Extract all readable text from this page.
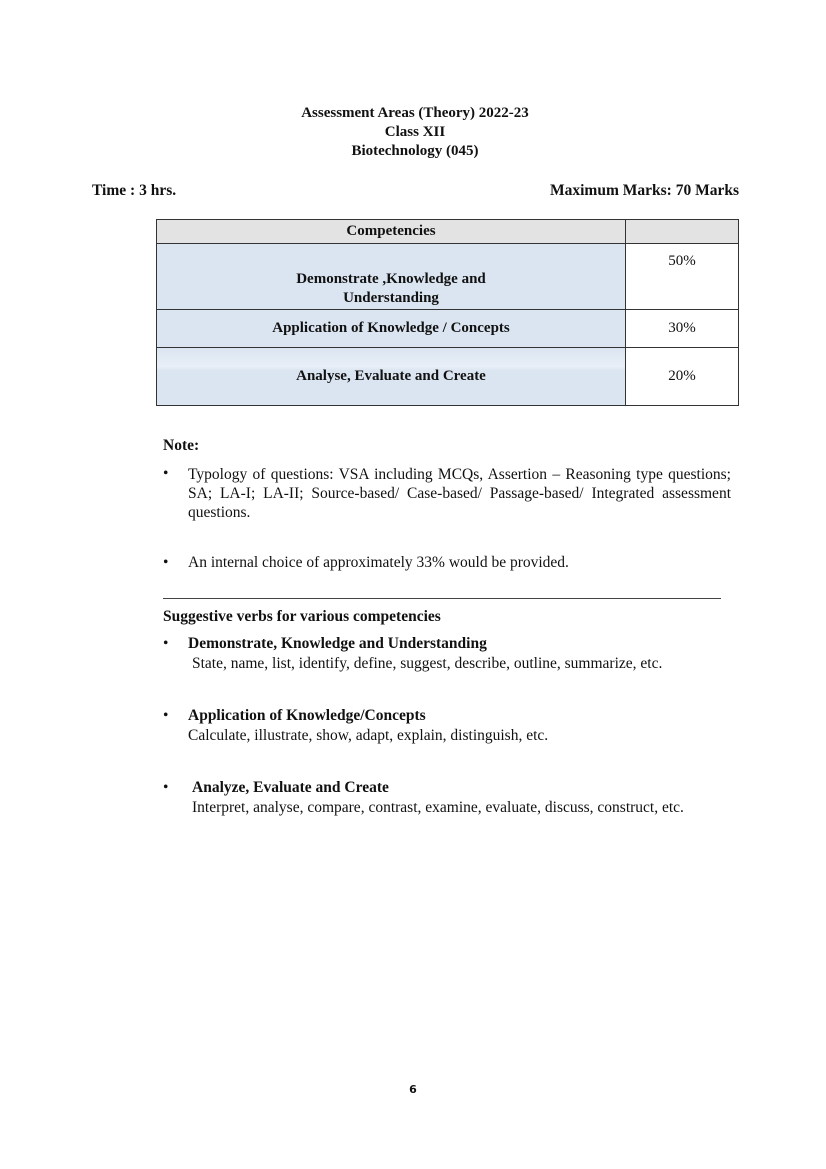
Assessment Areas (Theory) 2022-23
Class XII
Biotechnology (045)
Time : 3 hrs.	Maximum Marks: 70 Marks
Competencies	

Demonstrate ,Knowledge and
Understanding	50%
Application of Knowledge / Concepts	30%
Analyse, Evaluate and Create	20%
Note:
• Typology of questions: VSA including MCQs, Assertion – Reasoning type questions; SA; LA-I; LA-II; Source-based/ Case-based/ Passage-based/ Integrated assessment questions.
• An internal choice of approximately 33% would be provided.
Suggestive verbs for various competencies
• Demonstrate, Knowledge and Understanding
State, name, list, identify, define, suggest, describe, outline, summarize, etc.
• Application of Knowledge/Concepts
Calculate, illustrate, show, adapt, explain, distinguish, etc.
• Analyze, Evaluate and Create
Interpret, analyse, compare, contrast, examine, evaluate, discuss, construct, etc.
6
